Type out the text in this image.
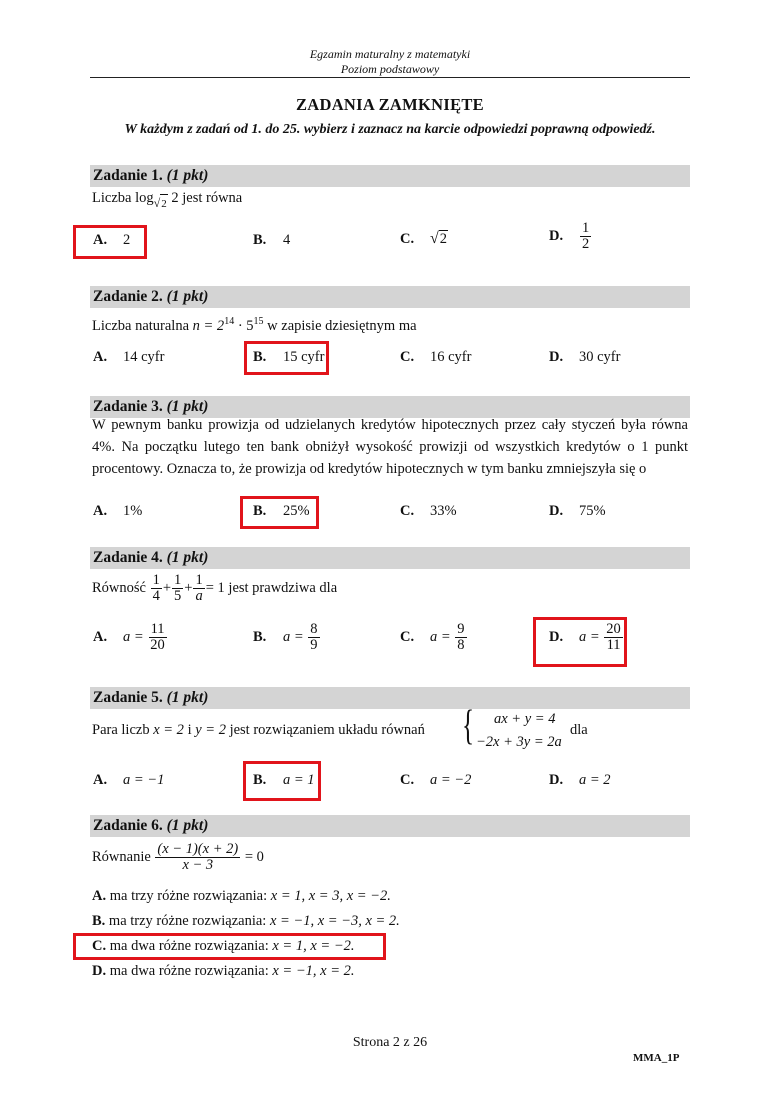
Egzamin maturalny z matematyki
Poziom podstawowy
ZADANIA ZAMKNIĘTE
W każdym z zadań od 1. do 25. wybierz i zaznacz na karcie odpowiedzi poprawną odpowiedź.
Zadanie 1. (1 pkt)
Liczba $\log_{√2} 2$ jest równa
A. 2	B. 4	C. √2	D. $\frac{1}{2}$
Zadanie 2. (1 pkt)
Liczba naturalna $n = 2^{14} \cdot 5^{15}$ w zapisie dziesiętnym ma
A. 14 cyfr	B. 15 cyfr	C. 16 cyfr	D. 30 cyfr
Zadanie 3. (1 pkt)
W pewnym banku prowizja od udzielanych kredytów hipotecznych przez cały styczeń była równa 4%. Na początku lutego ten bank obniżył wysokość prowizji od wszystkich kredytów o 1 punkt procentowy. Oznacza to, że prowizja od kredytów hipotecznych w tym banku zmniejszyła się o
A. 1%	B. 25%	C. 33%	D. 75%
Zadanie 4. (1 pkt)
Równość $\frac{1}{4} + \frac{1}{5} + \frac{1}{a} = 1$ jest prawdziwa dla
A. $a = \frac{11}{20}$	B. $a = \frac{8}{9}$	C. $a = \frac{9}{8}$	D. $a = \frac{20}{11}$
Zadanie 5. (1 pkt)
Para liczb x = 2 i y = 2 jest rozwiązaniem układu równań { ax + y = 4
−2x + 3y = 2a
dla
A. a = −1	B. a = 1	C. a = −2	D. a = 2
Zadanie 6. (1 pkt)
Równanie $\frac{(x - 1)(x + 2)}{x - 3} = 0$
A. ma trzy różne rozwiązania: x = 1, x = 3, x = −2.
B. ma trzy różne rozwiązania: x = −1, x = −3, x = 2.
C. ma dwa różne rozwiązania: x = 1, x = −2.
D. ma dwa różne rozwiązania: x = −1, x = 2.
Strona 2 z 26
MMA_1P
